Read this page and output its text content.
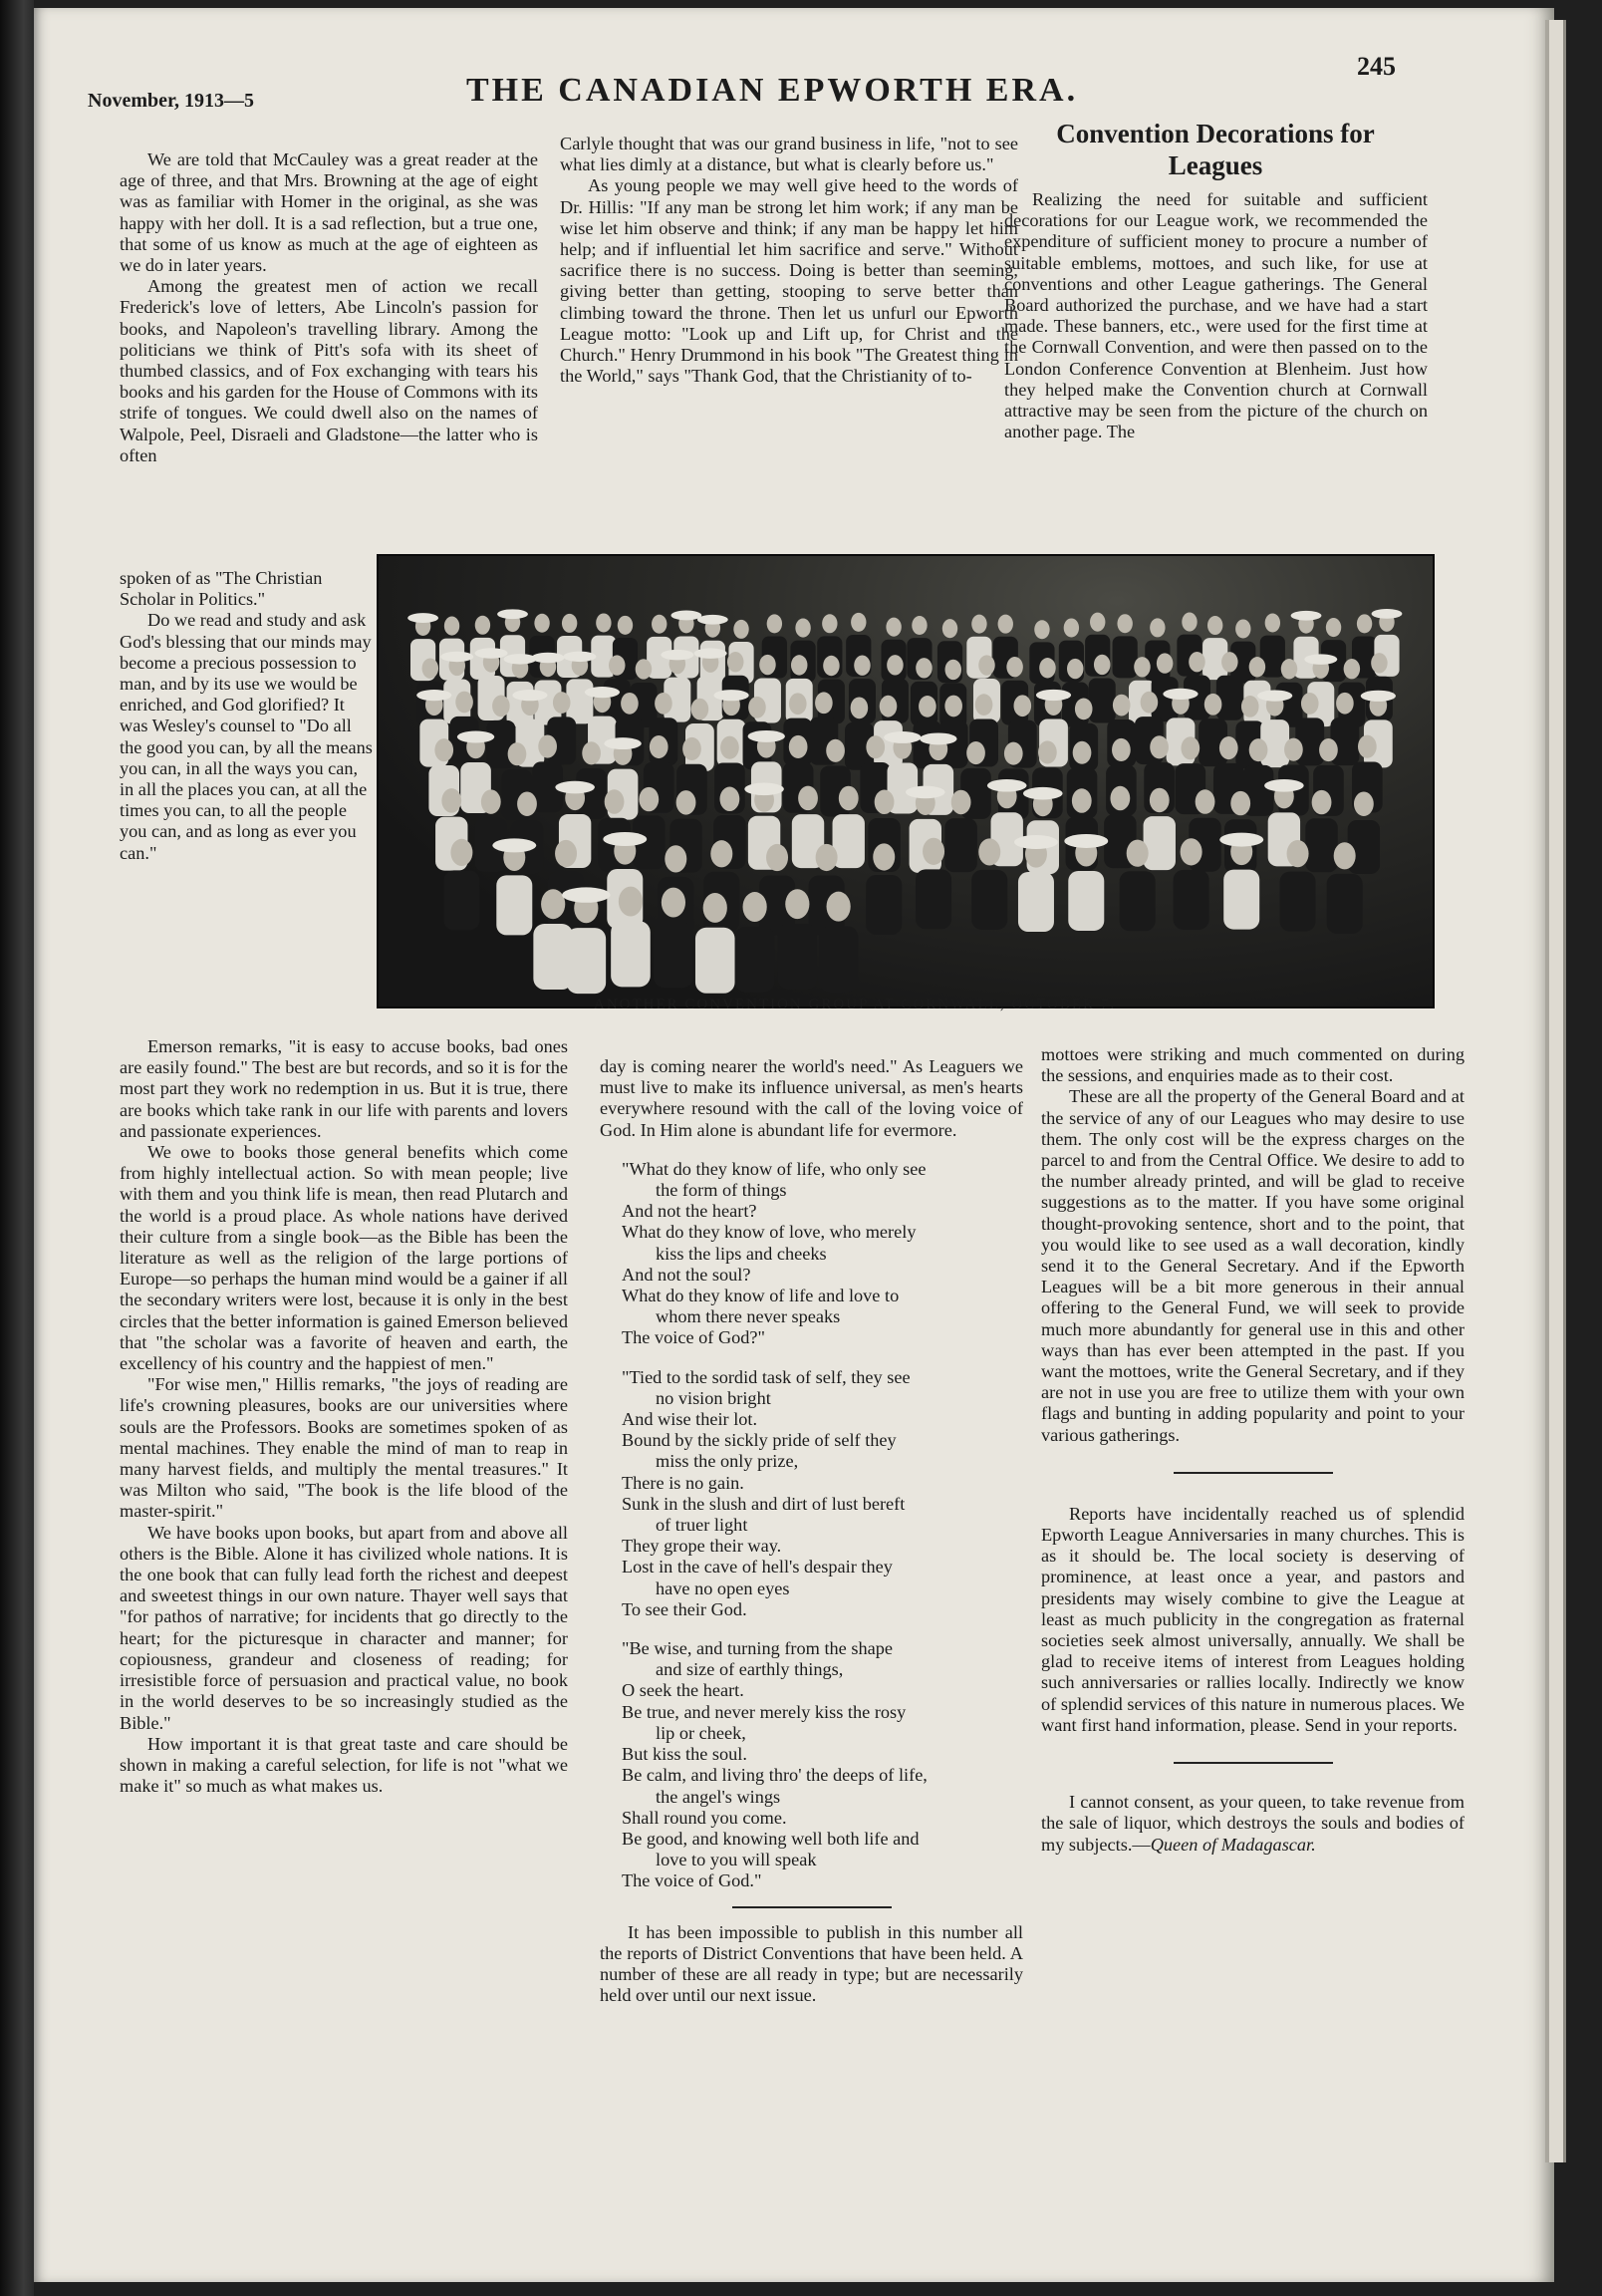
November, 1913—5	THE CANADIAN EPWORTH ERA.
245

We are told that McCauley was a great reader at the age of three, and that Mrs. Browning at the age of eight was as familiar with Homer in the original, as she was happy with her doll. It is a sad reflection, but a true one, that some of us know as much at the age of eighteen as we do in later years.

Among the greatest men of action we recall Frederick's love of letters, Abe Lincoln's passion for books, and Napoleon's travelling library. Among the politicians we think of Pitt's sofa with its sheet of thumbed classics, and of Fox exchanging with tears his books and his garden for the House of Commons with its strife of tongues. We could dwell also on the names of Walpole, Peel, Disraeli and Gladstone—the latter who is often

spoken of as "The Christian Scholar in Politics."

Do we read and study and ask God's blessing that our minds may become a precious possession to man, and by its use we would be enriched, and God glorified? It was Wesley's counsel to "Do all the good you can, by all the means you can, in all the ways you can, in all the places you can, at all the times you can, to all the people you can, and as long as ever you can."

Carlyle thought that was our grand business in life, "not to see what lies dimly at a distance, but what is clearly before us."

As young people we may well give heed to the words of Dr. Hillis: "If any man be strong let him work; if any man be wise let him observe and think; if any man be happy let him help; and if influential let him sacrifice and serve." Without sacrifice there is no success. Doing is better than seeming, giving better than getting, stooping to serve better than climbing toward the throne. Then let us unfurl our Epworth League motto: "Look up and Lift up, for Christ and the Church." Henry Drummond in his book "The Greatest thing in the World," says "Thank God, that the Christianity of to-

Convention Decorations for Leagues

Realizing the need for suitable and sufficient decorations for our League work, we recommended the expenditure of sufficient money to procure a number of suitable emblems, mottoes, and such like, for use at conventions and other League gatherings. The General Board authorized the purchase, and we have had a start made. These banners, etc., were used for the first time at the Cornwall Convention, and were then passed on to the London Conference Convention at Blenheim. Just how they helped make the Convention church at Cornwall attractive may be seen from the picture of the church on another page. The

ANOTHER CONVENTION GROUP AT CORNWALL, OCTOBER 7.

Emerson remarks, "it is easy to accuse books, bad ones are easily found." The best are but records, and so it is for the most part they work no redemption in us. But it is true, there are books which take rank in our life with parents and lovers and passionate experiences.

We owe to books those general benefits which come from highly intellectual action. So with mean people; live with them and you think life is mean, then read Plutarch and the world is a proud place. As whole nations have derived their culture from a single book—as the Bible has been the literature as well as the religion of the large portions of Europe—so perhaps the human mind would be a gainer if all the secondary writers were lost, because it is only in the best circles that the better information is gained Emerson believed that "the scholar was a favorite of heaven and earth, the excellency of his country and the happiest of men."

"For wise men," Hillis remarks, "the joys of reading are life's crowning pleasures, books are our universities where souls are the Professors. Books are sometimes spoken of as mental machines. They enable the mind of man to reap in many harvest fields, and multiply the mental treasures." It was Milton who said, "The book is the life blood of the master-spirit."

We have books upon books, but apart from and above all others is the Bible. Alone it has civilized whole nations. It is the one book that can fully lead forth the richest and deepest and sweetest things in our own nature. Thayer well says that "for pathos of narrative; for incidents that go directly to the heart; for the picturesque in character and manner; for copiousness, grandeur and closeness of reading; for irresistible force of persuasion and practical value, no book in the world deserves to be so increasingly studied as the Bible."

How important it is that great taste and care should be shown in making a careful selection, for life is not "what we make it" so much as what makes us.

day is coming nearer the world's need." As Leaguers we must live to make its influence universal, as men's hearts everywhere resound with the call of the loving voice of God. In Him alone is abundant life for evermore.

"What do they know of life, who only see
the form of things
And not the heart?
What do they know of love, who merely
kiss the lips and cheeks
And not the soul?
What do they know of life and love to
whom there never speaks
The voice of God?"
"Tied to the sordid task of self, they see
no vision bright
And wise their lot.
Bound by the sickly pride of self they
miss the only prize,
There is no gain.
Sunk in the slush and dirt of lust bereft
of truer light
They grope their way.
Lost in the cave of hell's despair they
have no open eyes
To see their God.
"Be wise, and turning from the shape
and size of earthly things,
O seek the heart.
Be true, and never merely kiss the rosy
lip or cheek,
But kiss the soul.
Be calm, and living thro' the deeps of life,
the angel's wings
Shall round you come.
Be good, and knowing well both life and
love to you will speak
The voice of God."

It has been impossible to publish in this number all the reports of District Conventions that have been held. A number of these are all ready in type; but are necessarily held over until our next issue.

mottoes were striking and much commented on during the sessions, and enquiries made as to their cost.

These are all the property of the General Board and at the service of any of our Leagues who may desire to use them. The only cost will be the express charges on the parcel to and from the Central Office. We desire to add to the number already printed, and will be glad to receive suggestions as to the matter. If you have some original thought-provoking sentence, short and to the point, that you would like to see used as a wall decoration, kindly send it to the General Secretary. And if the Epworth Leagues will be a bit more generous in their annual offering to the General Fund, we will seek to provide much more abundantly for general use in this and other ways than has ever been attempted in the past. If you want the mottoes, write the General Secretary, and if they are not in use you are free to utilize them with your own flags and bunting in adding popularity and point to your various gatherings.

Reports have incidentally reached us of splendid Epworth League Anniversaries in many churches. This is as it should be. The local society is deserving of prominence, at least once a year, and pastors and presidents may wisely combine to give the League at least as much publicity in the congregation as fraternal societies seek almost universally, annually. We shall be glad to receive items of interest from Leagues holding such anniversaries or rallies locally. Indirectly we know of splendid services of this nature in numerous places. We want first hand information, please. Send in your reports.

I cannot consent, as your queen, to take revenue from the sale of liquor, which destroys the souls and bodies of my subjects.—Queen of Madagascar.
